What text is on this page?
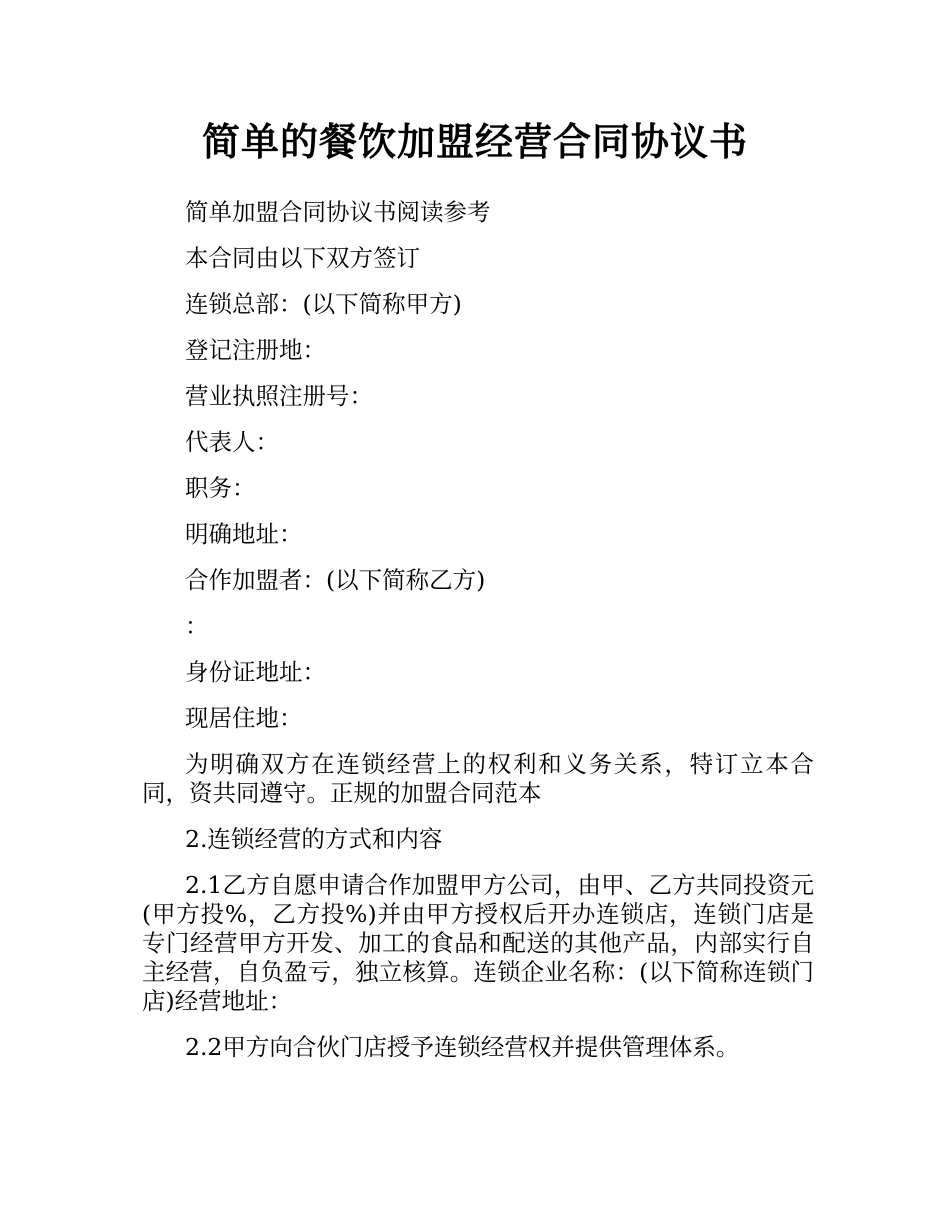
简单的餐饮加盟经营合同协议书

简单加盟合同协议书阅读参考

本合同由以下双方签订

连锁总部：(以下简称甲方)

登记注册地：

营业执照注册号：

代表人：

职务：

明确地址：

合作加盟者：(以下简称乙方)

：

身份证地址：

现居住地：

为明确双方在连锁经营上的权利和义务关系，特订立本合同，资共同遵守。正规的加盟合同范本

2.连锁经营的方式和内容

2.1乙方自愿申请合作加盟甲方公司，由甲、乙方共同投资元(甲方投%，乙方投%)并由甲方授权后开办连锁店，连锁门店是专门经营甲方开发、加工的食品和配送的其他产品，内部实行自主经营，自负盈亏，独立核算。连锁企业名称：(以下简称连锁门店)经营地址：

2.2甲方向合伙门店授予连锁经营权并提供管理体系。
